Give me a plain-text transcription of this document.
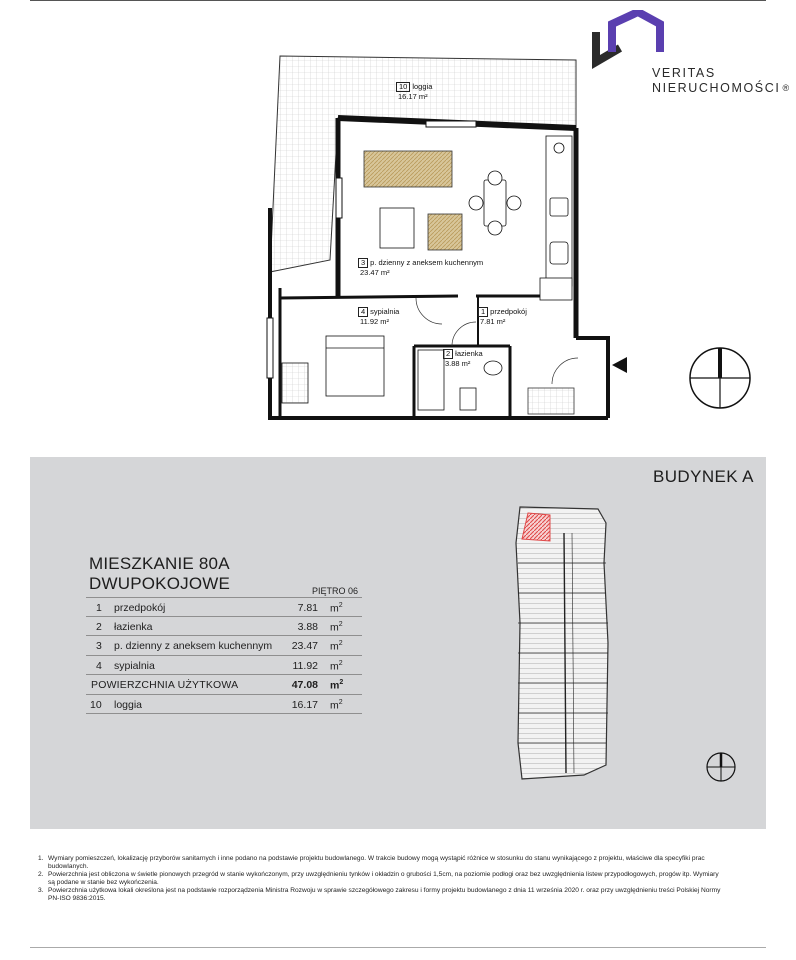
VERITAS
NIERUCHOMOŚCI ®
10 loggia
16.17 m²
3 p. dzienny z aneksem kuchennym
23.47 m²
4 sypialnia
11.92 m²
1 przedpokój
7.81 m²
2 łazienka
3.88 m²
BUDYNEK A
MIESZKANIE 80A
DWUPOKOJOWE	PIĘTRO 06
1 przedpokój	7.81 $m^2$
2 łazienka	3.88 $m^2$
3 p. dzienny z aneksem kuchennym 23.47 $m^2$
4 sypialnia	11.92 $m^2$
POWIERZCHNIA UŻYTKOWA	47.08 $m^2$
10 loggia	16.17 $m^2$
1. Wymiary pomieszczeń, lokalizację przyborów sanitarnych i inne podano na podstawie projektu budowlanego. W trakcie budowy mogą wystąpić różnice w stosunku do stanu wynikającego z projektu, właściwe dla specyfiki prac budowlanych.
2. Powierzchnia jest obliczona w świetle pionowych przegród w stanie wykończonym, przy uwzględnieniu tynków i okładzin o grubości 1,5cm, na poziomie podłogi oraz bez uwzględnienia listew przypodłogowych, progów itp. Wymiary są podane w stanie bez wykończenia.
3. Powierzchnia użytkowa lokali określona jest na podstawie rozporządzenia Ministra Rozwoju w sprawie szczegółowego zakresu i formy projektu budowlanego z dnia 11 września 2020 r. oraz przy uwzględnieniu treści Polskiej Normy PN-ISO 9836:2015.
